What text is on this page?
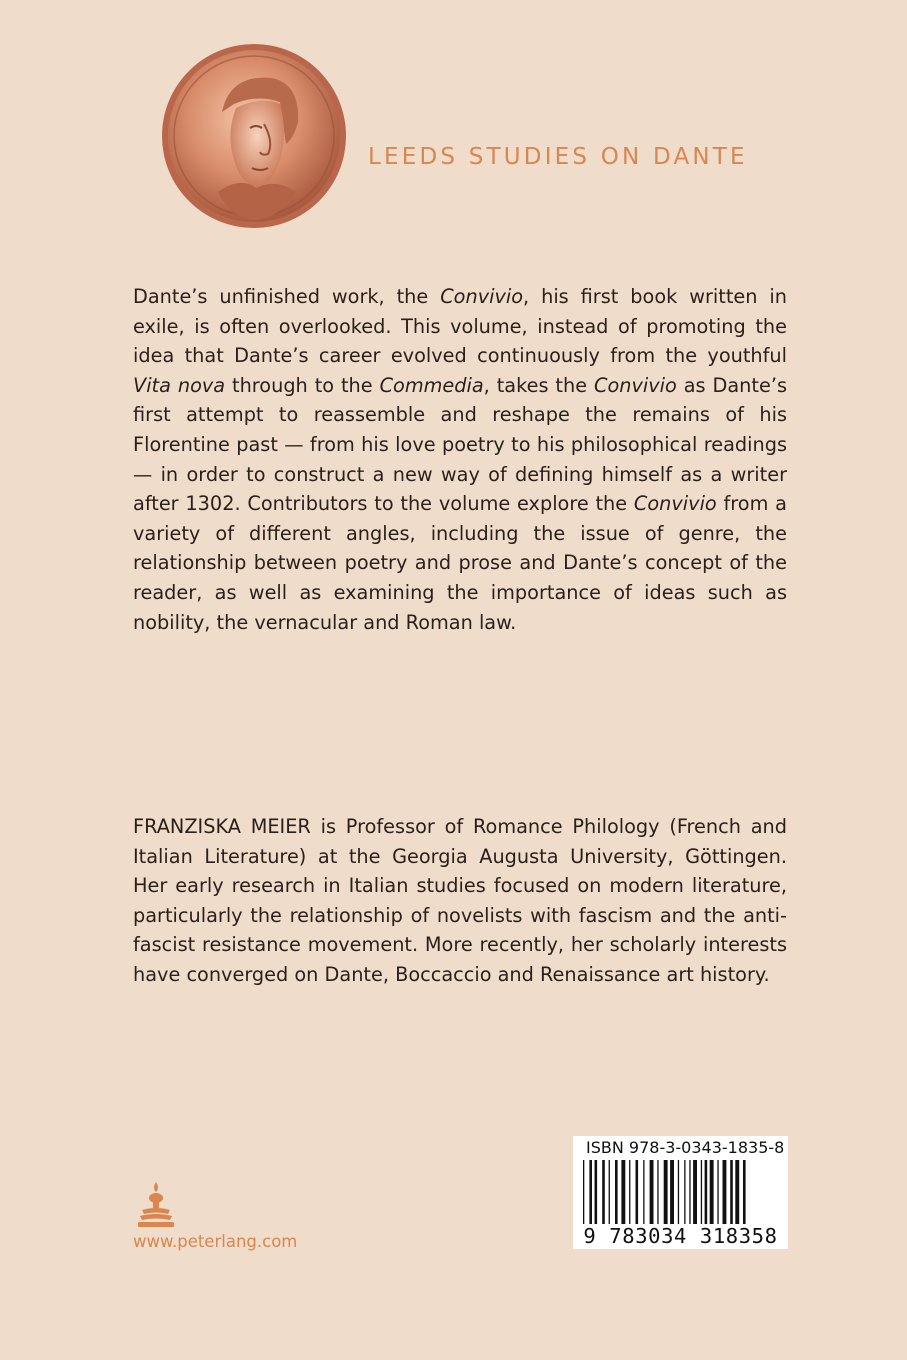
LEEDS STUDIES ON DANTE

Dante’s unfinished work, the Convivio, his first book written in exile, is often overlooked. This volume, instead of promoting the idea that Dante’s career evolved continuously from the youthful Vita nova through to the Commedia, takes the Convivio as Dante’s first attempt to reassemble and reshape the remains of his Florentine past — from his love poetry to his philosophical readings — in order to construct a new way of defining himself as a writer after 1302. Contributors to the volume explore the Convivio from a variety of different angles, including the issue of genre, the relationship between poetry and prose and Dante’s concept of the reader, as well as examining the importance of ideas such as nobility, the vernacular and Roman law.

FRANZISKA MEIER is Professor of Romance Philology (French and Italian Literature) at the Georgia Augusta University, Göttingen. Her early research in Italian studies focused on modern literature, particularly the relationship of novelists with fascism and the anti-fascist resistance movement. More recently, her scholarly interests have converged on Dante, Boccaccio and Renaissance art history.

www.peterlang.com
ISBN 978-3-0343-1835-8
9 783034 318358
